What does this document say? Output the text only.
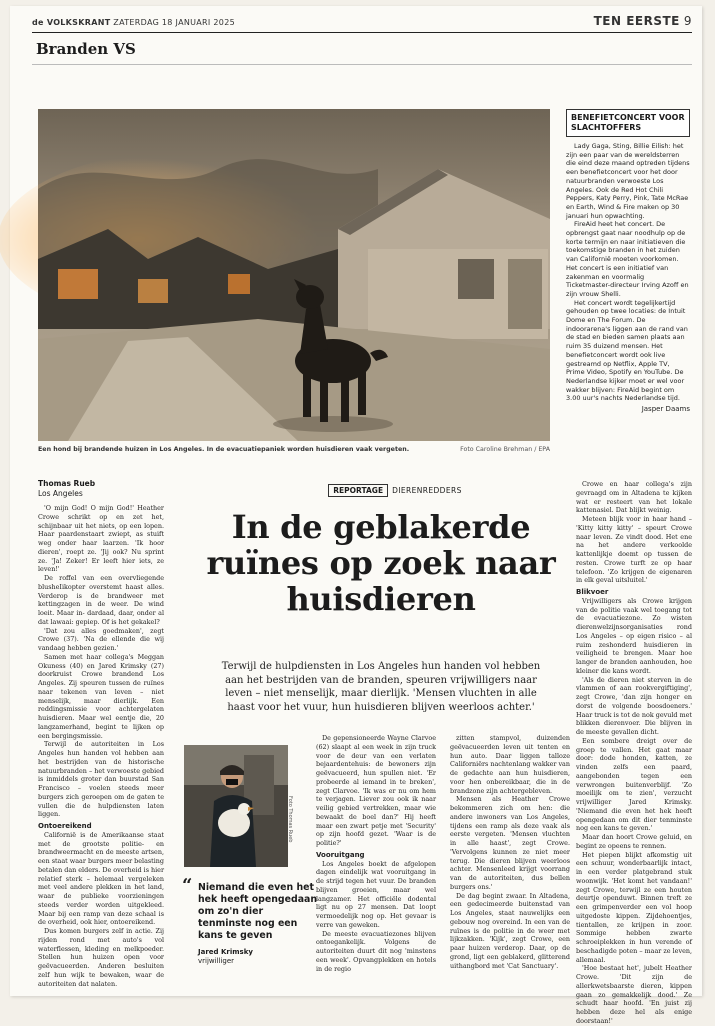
de VOLKSKRANT ZATERDAG 18 JANUARI 2025	TEN EERSTE 9
Branden VS
Een hond bij brandende huizen in Los Angeles. In de evacuatiepaniek worden huisdieren vaak vergeten.	Foto Caroline Brehman / EPA
BENEFIETCONCERT VOOR SLACHTOFFERS

Lady Gaga, Sting, Billie Eilish: het zijn een paar van de wereldsterren die eind deze maand optreden tijdens een benefietconcert voor het door natuurbranden verwoeste Los Angeles. Ook de Red Hot Chili Peppers, Katy Perry, Pink, Tate McRae en Earth, Wind & Fire maken op 30 januari hun opwachting.

FireAid heet het concert. De opbrengst gaat naar noodhulp op de korte termijn en naar initiatieven die toekomstige branden in het zuiden van Californië moeten voorkomen. Het concert is een initiatief van zakenman en voormalig Ticketmaster-directeur Irving Azoff en zijn vrouw Shelli.

Het concert wordt tegelijkertijd gehouden op twee locaties: de Intuit Dome en The Forum. De indoorarena's liggen aan de rand van de stad en bieden samen plaats aan ruim 35 duizend mensen. Het benefietconcert wordt ook live gestreamd op Netflix, Apple TV, Prime Video, Spotify en YouTube. De Nederlandse kijker moet er wel voor wakker blijven: FireAid begint om 3.00 uur's nachts Nederlandse tijd.

Jasper Daams
Thomas Rueb
Los Angeles	REPORTAGE DIERENREDDERS
In de geblakerde ruïnes op zoek naar huisdieren
Terwijl de hulpdiensten in Los Angeles hun handen vol hebben aan het bestrijden van de branden, speuren vrijwilligers naar leven – niet menselijk, maar dierlijk. 'Mensen vluchten in alle haast voor het vuur, hun huisdieren blijven weerloos achter.'

'O mijn God! O mijn God!' Heather Crowe schrikt op en zet het, schijnbaar uit het niets, op een lopen. Haar paardenstaart zwiept, as stuift weg onder haar laarzen. 'Ik hoor dieren', roept ze. 'Jij ook? Nu sprint ze. 'Ja! Zeker! Er leeft hier iets, ze leven!'

De roffel van een overvliegende blusheIikopter overstemt haast alles. Verderop is de brandweer met kettingzagen in de weer. De wind loeit. Maar in- dardaad, daar, onder al dat lawaai: gepiep. Of is het gekakel?

'Dat zou alles goedmaken', zegt Crowe (37). 'Na de ellende die wij vandaag hebben gezien.'

Samen met haar collega's Meggan Okuness (40) en Jared Krimsky (27) doorkruist Crowe brandend Los Angeles. Zij speuren tussen de ruïnes naar tekenen van leven – niet menselijk, maar dierlijk. Een reddingsmissie voor achtergelaten huisdieren. Maar wel eentje die, 20 langzamerhand, begint te lijken op een bergingsmissie.

Terwijl de autoriteiten in Los Angeles hun handen vol hebben aan het bestrijden van de historische natuurbranden – het verwoeste gebied is inmiddels groter dan buurstad San Francisco – voelen steeds meer burgers zich geroepen om de gaten te vullen die de hulpdiensten laten liggen.

Ontoereikend

Californië is de Amerikaanse staat met de grootste politie- en brandweermacht en de meeste artsen, een staat waar burgers meer belasting betalen dan elders. De overheid is hier relatief sterk – helemaal vergeleken met veel andere plekken in het land, waar de publieke voorzieningen steeds verder worden uitgekleed. Maar bij een ramp van deze schaal is de overheid, ook hier, ontoereikend.

Dus komen burgers zelf in actie. Zij rijden rond met auto's vol waterflessen, kleding en melkpoeder. Stellen hun huizen open voor geëvacueerden. Anderen besluiten zelf hun wijk te bewaken, waar de autoriteiten dat nalaten.

Foto Thomas Rueb
“ Niemand die even het hek heeft opengedaan om zo'n dier tenminste nog een kans te geven
Jared Krimsky
vrijwilliger

De gepensioneerde Wayne Clarvoe (62) slaapt al een week in zijn truck voor de deur van een verlaten bejaardentehuis: de bewoners zijn geëvacueerd, hun spullen niet. 'Er probeerde al iemand in te breken', zegt Clarvoe. 'Ik was er nu om hem te verjagen. Liever zou ook ik naar veilig gebied vertrekken, maar wie bewaakt de boel dan?' Hij heeft maar een zwart petje met 'Security' op zijn hoofd gezet. 'Waar is de politie?'

Vooruitgang

Los Angeles boekt de afgelopen dagen eindelijk wat vooruitgang in de strijd tegen het vuur. De branden blijven groeien, maar wel langzamer. Het officiële dodental ligt nu op 27 mensen. Dat loopt vermoedelijk nog op. Het gevaar is verre van geweken.

De meeste evacuatiezones blijven ontoegankelijk. Volgens de autoriteiten duurt dit nog 'minstens een week'. Opvangplekken en hotels in de regio

zitten stampvol, duizenden geëvacueerden leven uit tenten en hun auto. Daar liggen talloze Californiërs nachtenlang wakker van de gedachte aan hun huisdieren, voor hen onbereikbaar, die in de brandzone zijn achtergebleven.

Mensen als Heather Crowe bekommeren zich om hen: die andere inwoners van Los Angeles, tijdens een ramp als deze vaak als eerste vergeten. 'Mensen vluchten in alle haast', zegt Crowe. 'Vervolgens kunnen ze niet meer terug. Die dieren blijven weerloos achter. Mensenleed krijgt voorrang van de autoriteiten, dus bellen burgers ons.'

De dag begint zwaar. In Altadena, een gedecimeerde buitenstad van Los Angeles, staat nauwelijks een gebouw nog overeind. In een van de ruïnes is de politie in de weer met lijkzakken. 'Kijk', zegt Crowe, een paar huizen verderop. Daar, op de grond, ligt een geblakerd, glitterend uithangbord met 'Cat Sanctuary'.

Crowe en haar collega's zijn gevraagd om in Altadena te kijken wat er resteert van het lokale kattenasiel. Dat blijkt weinig.

Meteen blijk voor in haar hand – 'Kitty kitty kitty' – speurt Crowe naar leven. Ze vindt dood. Het ene na het andere verkoolde kattenlijkje doemt op tussen de resten. Crowe turft ze op haar telefoon. 'Zo krijgen de eigenaren in elk geval uitsluitel.'

Blikvoer

Vrijwilligers als Crowe krijgen van de politie vaak wel toegang tot de evacuatiezone. Zo wisten dierenwelzijnsorganisaties rond Los Angeles – op eigen risico – al ruim zeshonderd huisdieren in veiligheid te brengen. Maar hoe langer de branden aanhouden, hoe kleiner die kans wordt.

'Als de dieren niet sterven in de vlammen of aan rookvergiftiging', zegt Crowe, 'dan zijn honger en dorst de volgende boosdoeners.' Haar truck is tot de nok gevuld met blikken dierenvoer. Die blijven in de meeste gevallen dicht.

Een sombere dreigt over de groep te vallen. Het gaat maar door: dode honden, katten, ze vinden zelfs een paard, aangebonden tegen een verwrongen buitenverblijf. 'Zo moeilijk om te zien', verzucht vrijwilliger Jared Krimsky. 'Niemand die even het hek heeft opengedaan om dit dier tenminste nog een kans te geven.'

Maar dan hoort Crowe geluid, en begint ze opeens te rennen.

Het piepen blijkt afkomstig uit een schuur, wonderbaarlijk intact, in een verder platgebrand stuk woonwijk. 'Het komt het vandaan!' zegt Crowe, terwijl ze een houten deurtje openduwt. Binnen treft ze een grimpenverder een vol hoop uitgedoste kippen. Zijdehoentjes, tientallen, ze krijpen in zoor. Sommige hebben zwarte schroeiplekken in hun verende of beschadigde poten – maar ze leven, allemaal.

'Hoe bestaat het', jubelt Heather Crowe. 'Dit zijn de allerkwetsbaarste dieren, kippen gaan zo gemakkelijk dood.' Ze schudt haar hoofd. 'En juist zij hebben deze hel als enige doorstaan!'
